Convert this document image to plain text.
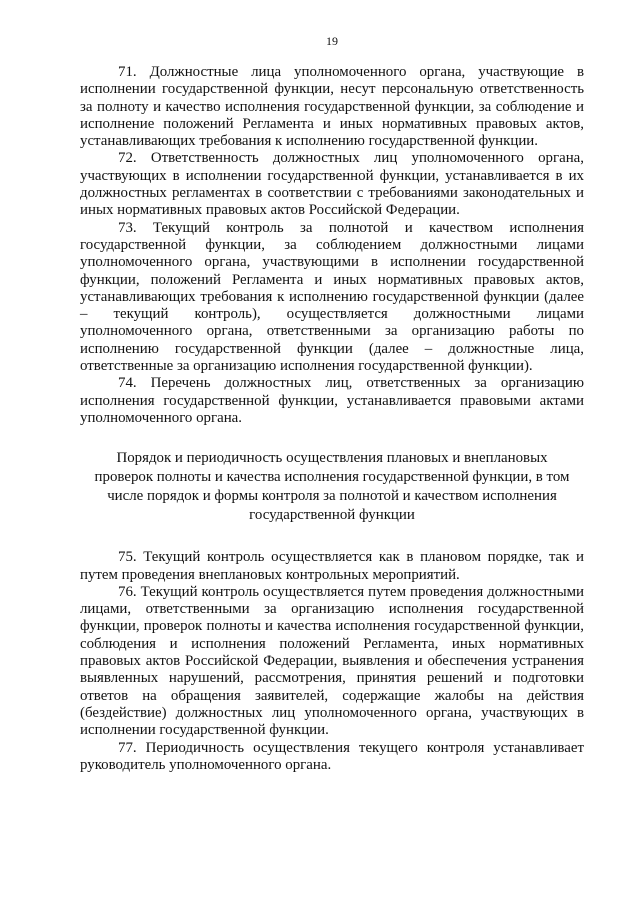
19

71. Должностные лица уполномоченного органа, участвующие в исполнении государственной функции, несут персональную ответственность за полноту и качество исполнения государственной функции, за соблюдение и исполнение положений Регламента и иных нормативных правовых актов, устанавливающих требования к исполнению государственной функции.

72. Ответственность должностных лиц уполномоченного органа, участвующих в исполнении государственной функции, устанавливается в их должностных регламентах в соответствии с требованиями законодательных и иных нормативных правовых актов Российской Федерации.

73. Текущий контроль за полнотой и качеством исполнения государственной функции, за соблюдением должностными лицами уполномоченного органа, участвующими в исполнении государственной функции, положений Регламента и иных нормативных правовых актов, устанавливающих требования к исполнению государственной функции (далее – текущий контроль), осуществляется должностными лицами уполномоченного органа, ответственными за организацию работы по исполнению государственной функции (далее – должностные лица, ответственные за организацию исполнения государственной функции).

74. Перечень должностных лиц, ответственных за организацию исполнения государственной функции, устанавливается правовыми актами уполномоченного органа.

Порядок и периодичность осуществления плановых и внеплановых проверок полноты и качества исполнения государственной функции, в том числе порядок и формы контроля за полнотой и качеством исполнения государственной функции

75. Текущий контроль осуществляется как в плановом порядке, так и путем проведения внеплановых контрольных мероприятий.

76. Текущий контроль осуществляется путем проведения должностными лицами, ответственными за организацию исполнения государственной функции, проверок полноты и качества исполнения государственной функции, соблюдения и исполнения положений Регламента, иных нормативных правовых актов Российской Федерации, выявления и обеспечения устранения выявленных нарушений, рассмотрения, принятия решений и подготовки ответов на обращения заявителей, содержащие жалобы на действия (бездействие) должностных лиц уполномоченного органа, участвующих в исполнении государственной функции.

77. Периодичность осуществления текущего контроля устанавливает руководитель уполномоченного органа.
